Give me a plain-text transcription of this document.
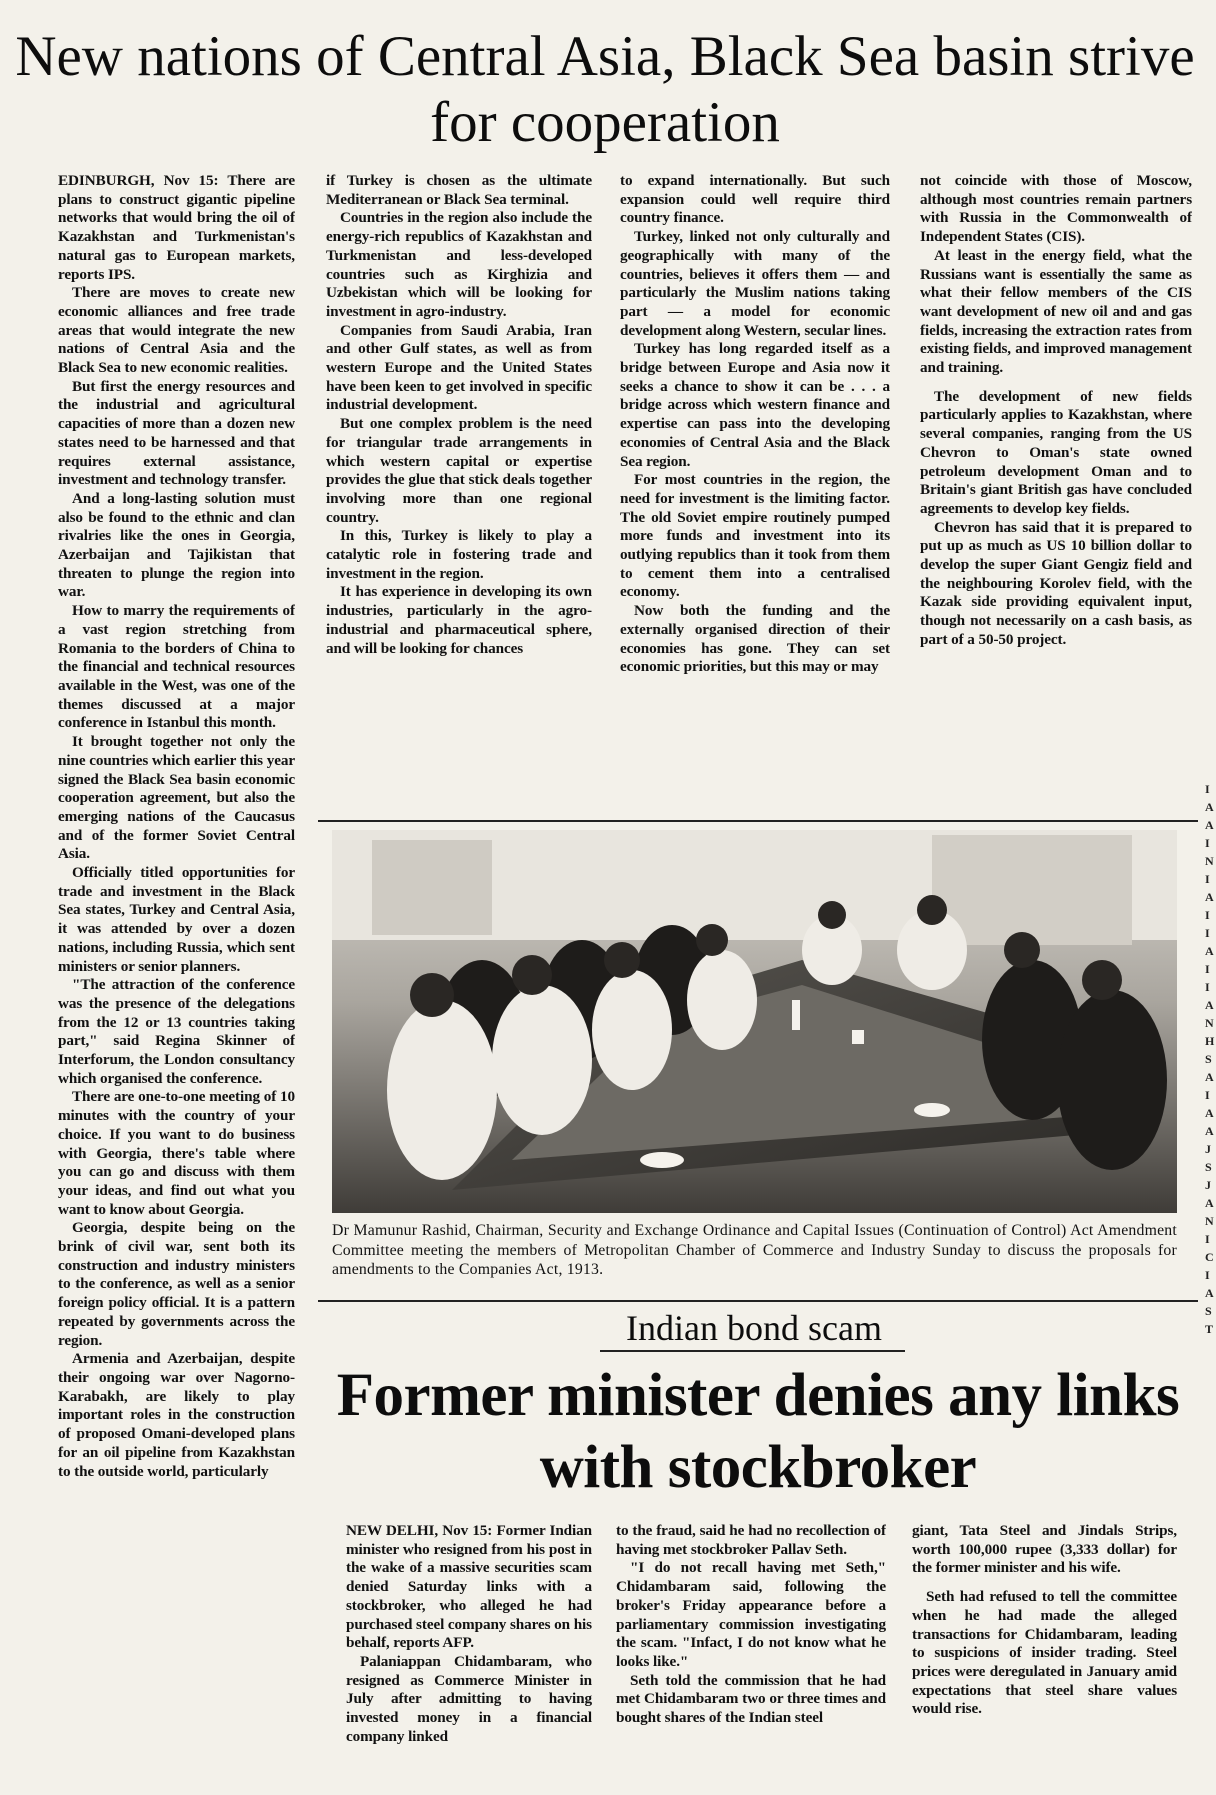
New nations of Central Asia, Black Sea basin strive for cooperation

EDINBURGH, Nov 15: There are plans to construct gigantic pipeline networks that would bring the oil of Kazakhstan and Turkmenistan's natural gas to European markets, reports IPS.

There are moves to create new economic alliances and free trade areas that would integrate the new nations of Central Asia and the Black Sea to new economic realities.

But first the energy resources and the industrial and agricultural capacities of more than a dozen new states need to be harnessed and that requires external assistance, investment and technology transfer.

And a long-lasting solution must also be found to the ethnic and clan rivalries like the ones in Georgia, Azerbaijan and Tajikistan that threaten to plunge the region into war.

How to marry the requirements of a vast region stretching from Romania to the borders of China to the financial and technical resources available in the West, was one of the themes discussed at a major conference in Istanbul this month.

It brought together not only the nine countries which earlier this year signed the Black Sea basin economic cooperation agreement, but also the emerging nations of the Caucasus and of the former Soviet Central Asia.

Officially titled opportunities for trade and investment in the Black Sea states, Turkey and Central Asia, it was attended by over a dozen nations, including Russia, which sent ministers or senior planners.

"The attraction of the conference was the presence of the delegations from the 12 or 13 countries taking part," said Regina Skinner of Interforum, the London consultancy which organised the conference.

There are one-to-one meeting of 10 minutes with the country of your choice. If you want to do business with Georgia, there's table where you can go and discuss with them your ideas, and find out what you want to know about Georgia.

Georgia, despite being on the brink of civil war, sent both its construction and industry ministers to the conference, as well as a senior foreign policy official. It is a pattern repeated by governments across the region.

Armenia and Azerbaijan, despite their ongoing war over Nagorno-Karabakh, are likely to play important roles in the construction of proposed Omani-developed plans for an oil pipeline from Kazakhstan to the outside world, particularly

if Turkey is chosen as the ultimate Mediterranean or Black Sea terminal.

Countries in the region also include the energy-rich republics of Kazakhstan and Turkmenistan and less-developed countries such as Kirghizia and Uzbekistan which will be looking for investment in agro-industry.

Companies from Saudi Arabia, Iran and other Gulf states, as well as from western Europe and the United States have been keen to get involved in specific industrial development.

But one complex problem is the need for triangular trade arrangements in which western capital or expertise provides the glue that stick deals together involving more than one regional country.

In this, Turkey is likely to play a catalytic role in fostering trade and investment in the region.

It has experience in developing its own industries, particularly in the agro-industrial and pharmaceutical sphere, and will be looking for chances

to expand internationally. But such expansion could well require third country finance.

Turkey, linked not only culturally and geographically with many of the countries, believes it offers them — and particularly the Muslim nations taking part — a model for economic development along Western, secular lines.

Turkey has long regarded itself as a bridge between Europe and Asia now it seeks a chance to show it can be . . . a bridge across which western finance and expertise can pass into the developing economies of Central Asia and the Black Sea region.

For most countries in the region, the need for investment is the limiting factor. The old Soviet empire routinely pumped more funds and investment into its outlying republics than it took from them to cement them into a centralised economy.

Now both the funding and the externally organised direction of their economies has gone. They can set economic priorities, but this may or may

not coincide with those of Moscow, although most countries remain partners with Russia in the Commonwealth of Independent States (CIS).

At least in the energy field, what the Russians want is essentially the same as what their fellow members of the CIS want development of new oil and and gas fields, increasing the extraction rates from existing fields, and improved management and training.

The development of new fields particularly applies to Kazakhstan, where several companies, ranging from the US Chevron to Oman's state owned petroleum development Oman and to Britain's giant British gas have concluded agreements to develop key fields.

Chevron has said that it is prepared to put up as much as US 10 billion dollar to develop the super Giant Gengiz field and the neighbouring Korolev field, with the Kazak side providing equivalent input, though not necessarily on a cash basis, as part of a 50-50 project.

Dr Mamunur Rashid, Chairman, Security and Exchange Ordinance and Capital Issues (Continuation of Control) Act Amendment Committee meeting the members of Metropolitan Chamber of Commerce and Industry Sunday to discuss the proposals for amendments to the Companies Act, 1913.

Indian bond scam
Former minister denies any links with stockbroker

NEW DELHI, Nov 15: Former Indian minister who resigned from his post in the wake of a massive securities scam denied Saturday links with a stockbroker, who alleged he had purchased steel company shares on his behalf, reports AFP.

Palaniappan Chidambaram, who resigned as Commerce Minister in July after admitting to having invested money in a financial company linked

to the fraud, said he had no recollection of having met stockbroker Pallav Seth.

"I do not recall having met Seth," Chidambaram said, following the broker's Friday appearance before a parliamentary commission investigating the scam. "Infact, I do not know what he looks like."

Seth told the commission that he had met Chidambaram two or three times and bought shares of the Indian steel

giant, Tata Steel and Jindals Strips, worth 100,000 rupee (3,333 dollar) for the former minister and his wife.

Seth had refused to tell the committee when he had made the alleged transactions for Chidambaram, leading to suspicions of insider trading. Steel prices were deregulated in January amid expectations that steel share values would rise.

I
A
A
I
N
I
A
I
I
A
I
I
A
N
H
S
A
I
A
A
J
S
J
A
N
I
C
I
A
S
T
